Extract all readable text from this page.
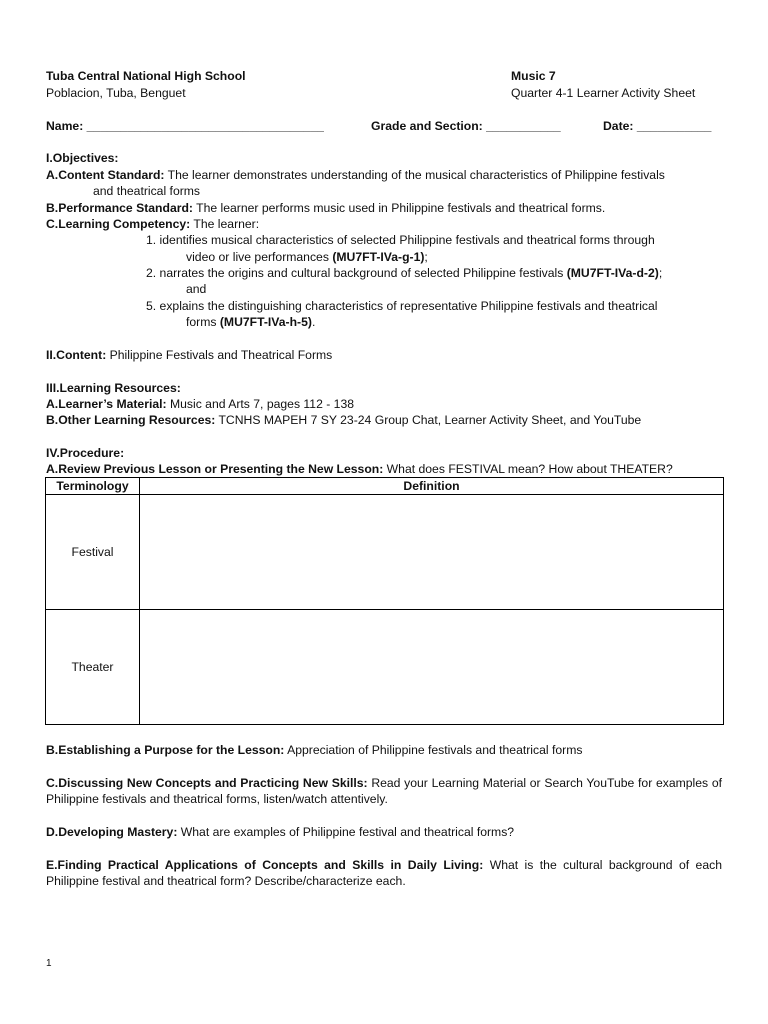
Tuba Central National High School
Poblacion, Tuba, Benguet
Music 7
Quarter 4-1 Learner Activity Sheet
Name: ___________________________________	Grade and Section: ___________	Date: ___________
I.Objectives:
A.Content Standard: The learner demonstrates understanding of the musical characteristics of Philippine festivals
and theatrical forms
B.Performance Standard: The learner performs music used in Philippine festivals and theatrical forms.
C.Learning Competency: The learner:
1. identifies musical characteristics of selected Philippine festivals and theatrical forms through
video or live performances (MU7FT-IVa-g-1);
2. narrates the origins and cultural background of selected Philippine festivals (MU7FT-IVa-d-2);
and
5. explains the distinguishing characteristics of representative Philippine festivals and theatrical
forms (MU7FT-IVa-h-5).
II.Content: Philippine Festivals and Theatrical Forms
III.Learning Resources:
A.Learner’s Material: Music and Arts 7, pages 112 - 138
B.Other Learning Resources: TCNHS MAPEH 7 SY 23-24 Group Chat, Learner Activity Sheet, and YouTube
IV.Procedure:
A.Review Previous Lesson or Presenting the New Lesson: What does FESTIVAL mean? How about THEATER?
Terminology	Definition
Festival	
Theater	
B.Establishing a Purpose for the Lesson: Appreciation of Philippine festivals and theatrical forms
C.Discussing New Concepts and Practicing New Skills: Read your Learning Material or Search YouTube for examples of Philippine festivals and theatrical forms, listen/watch attentively.
D.Developing Mastery: What are examples of Philippine festival and theatrical forms?
E.Finding Practical Applications of Concepts and Skills in Daily Living: What is the cultural background of each Philippine festival and theatrical form? Describe/characterize each.
1
